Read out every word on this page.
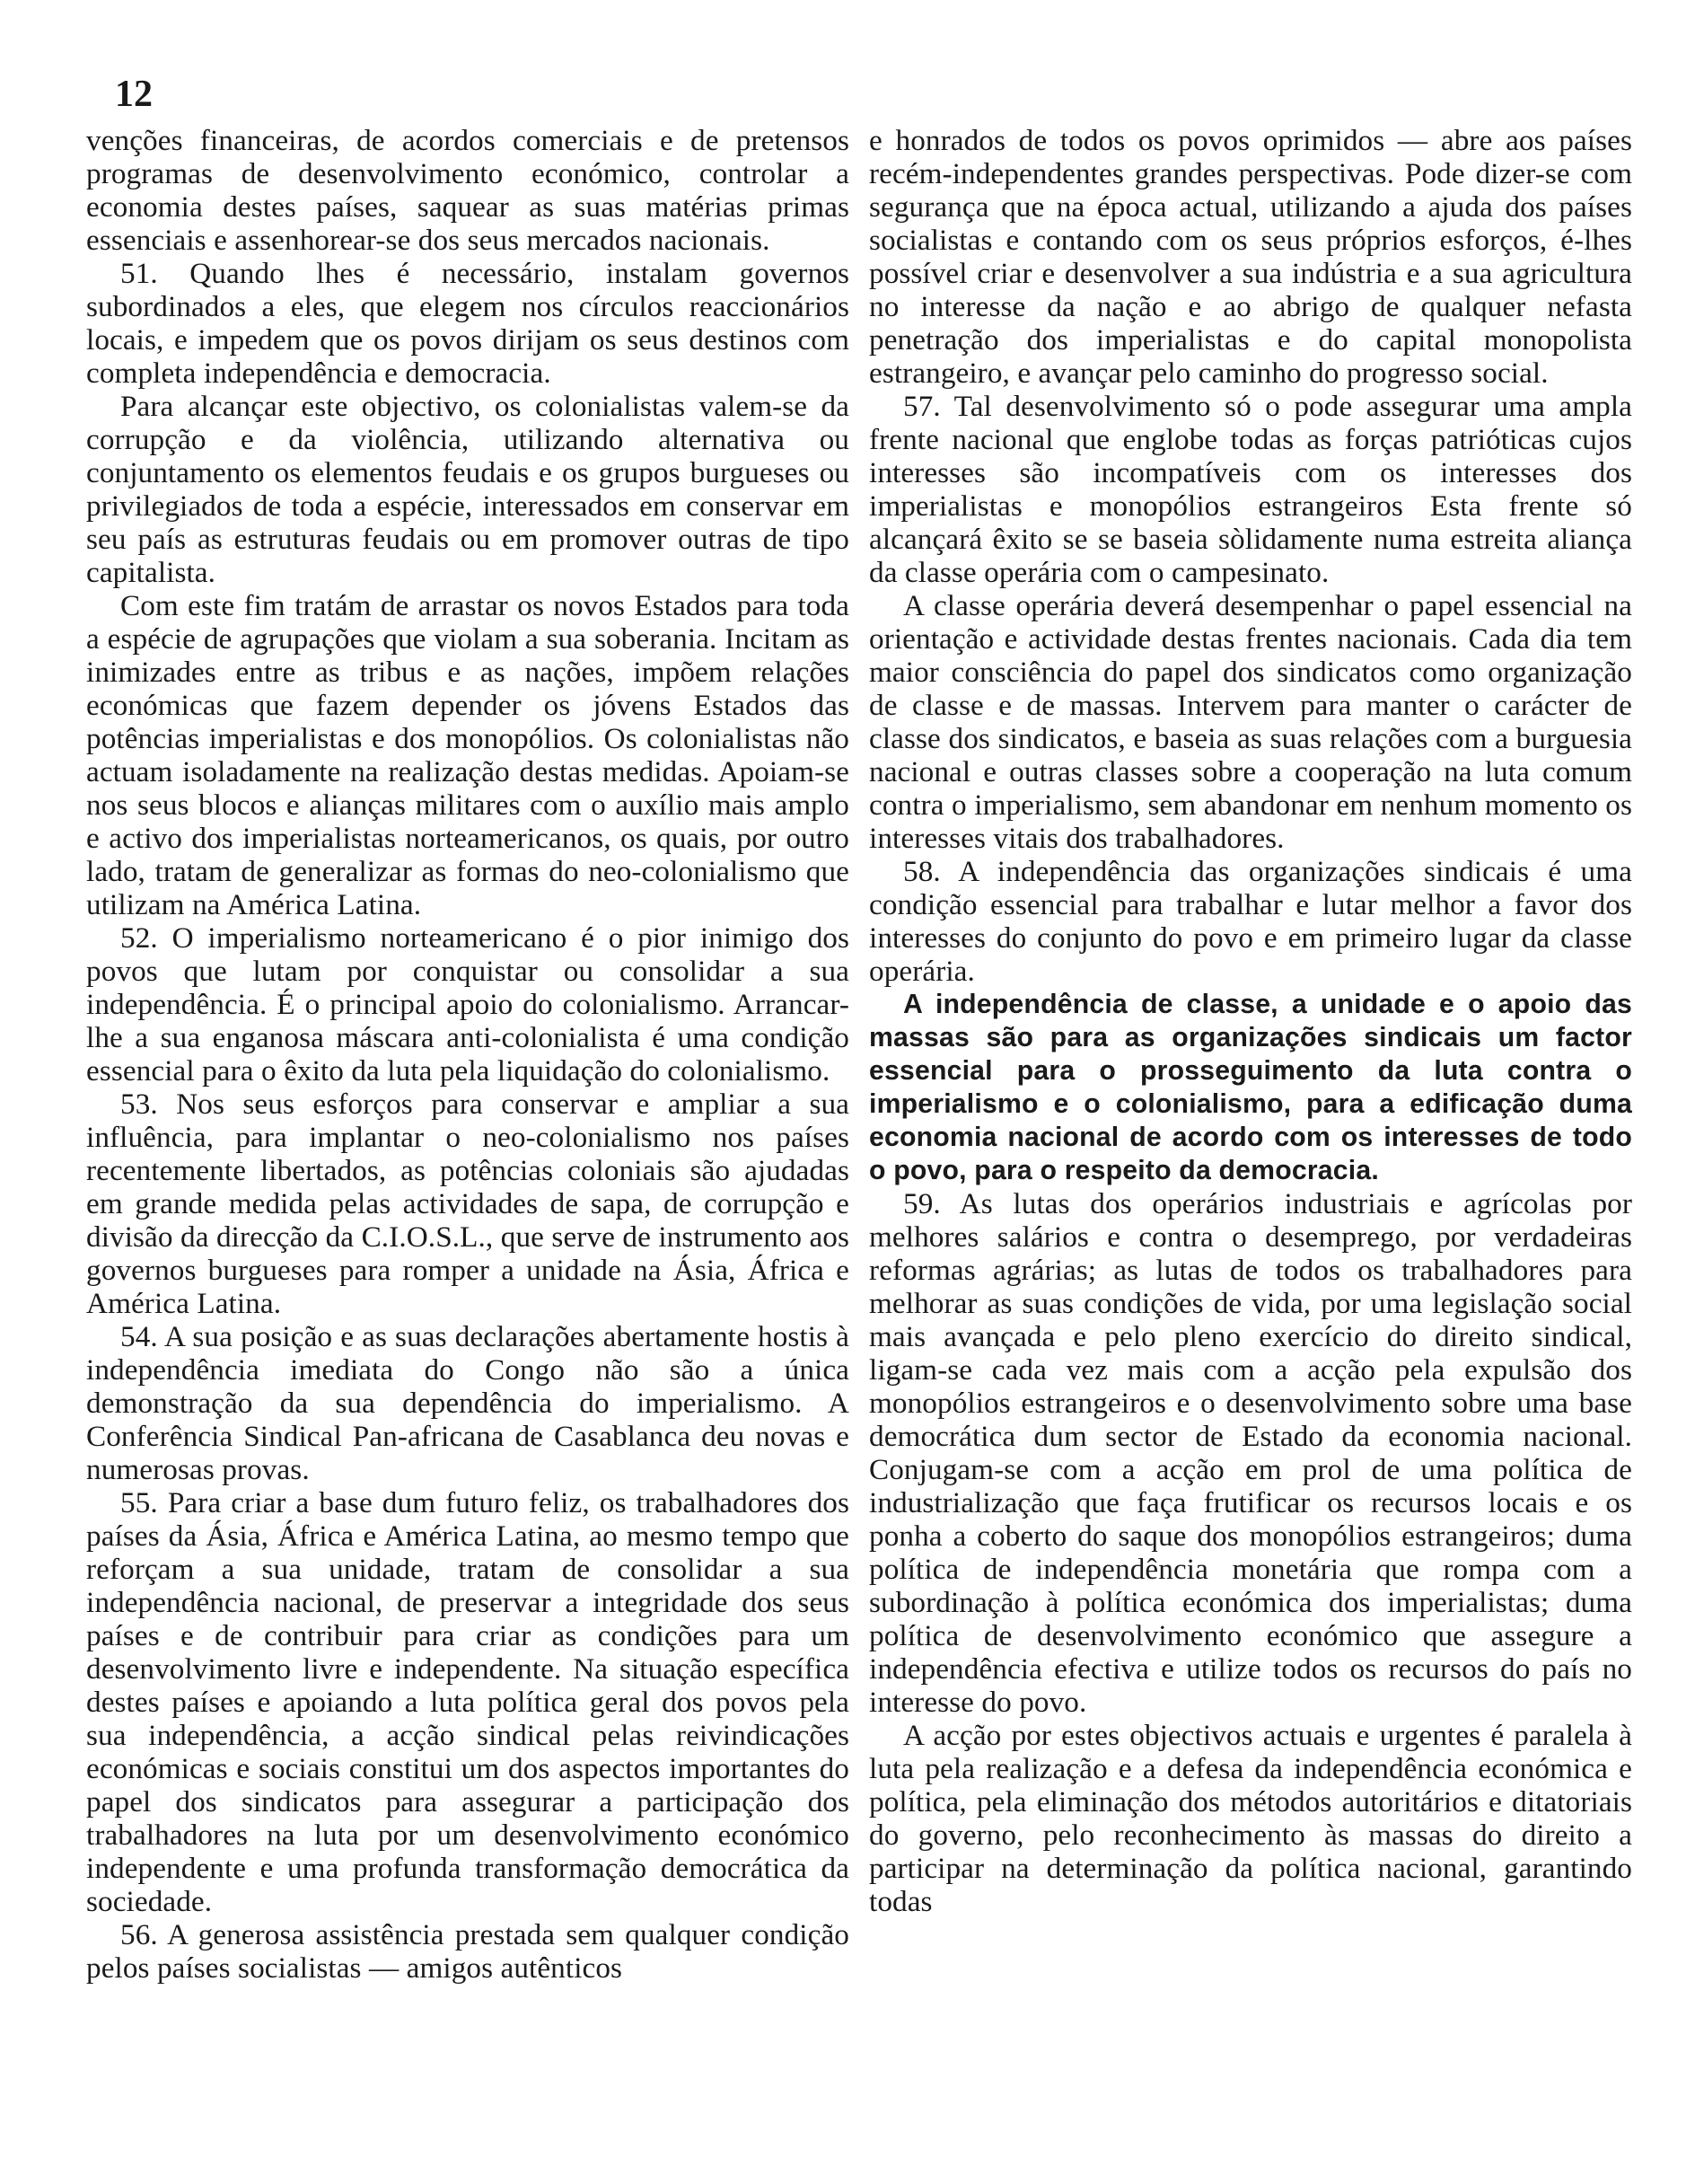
12

venções financeiras, de acordos comerciais e de pretensos programas de desenvolvimento económico, controlar a economia destes países, saquear as suas matérias primas essenciais e assenhorear-se dos seus mercados nacionais.

51. Quando lhes é necessário, instalam governos subordinados a eles, que elegem nos círculos reaccionários locais, e impedem que os povos dirijam os seus destinos com completa independência e democracia.

Para alcançar este objectivo, os colonialistas valem-se da corrupção e da violência, utilizando alternativa ou conjuntamento os elementos feudais e os grupos burgueses ou privilegiados de toda a espécie, interessados em conservar em seu país as estruturas feudais ou em promover outras de tipo capitalista.

Com este fim tratám de arrastar os novos Estados para toda a espécie de agrupações que violam a sua soberania. Incitam as inimizades entre as tribus e as nações, impõem relações económicas que fazem depender os jóvens Estados das potências imperialistas e dos monopólios. Os colonialistas não actuam isoladamente na realização destas medidas. Apoiam-se nos seus blocos e alianças militares com o auxílio mais amplo e activo dos imperialistas norteamericanos, os quais, por outro lado, tratam de generalizar as formas do neo-colonialismo que utilizam na América Latina.

52. O imperialismo norteamericano é o pior inimigo dos povos que lutam por conquistar ou consolidar a sua independência. É o principal apoio do colonialismo. Arrancar-lhe a sua enganosa máscara anti-colonialista é uma condição essencial para o êxito da luta pela liquidação do colonialismo.

53. Nos seus esforços para conservar e ampliar a sua influência, para implantar o neo-colonialismo nos países recentemente libertados, as potências coloniais são ajudadas em grande medida pelas actividades de sapa, de corrupção e divisão da direcção da C.I.O.S.L., que serve de instrumento aos governos burgueses para romper a unidade na Ásia, África e América Latina.

54. A sua posição e as suas declarações abertamente hostis à independência imediata do Congo não são a única demonstração da sua dependência do imperialismo. A Conferência Sindical Pan-africana de Casablanca deu novas e numerosas provas.

55. Para criar a base dum futuro feliz, os trabalhadores dos países da Ásia, África e América Latina, ao mesmo tempo que reforçam a sua unidade, tratam de consolidar a sua independência nacional, de preservar a integridade dos seus países e de contribuir para criar as condições para um desenvolvimento livre e independente. Na situação específica destes países e apoiando a luta política geral dos povos pela sua independência, a acção sindical pelas reivindicações económicas e sociais constitui um dos aspectos importantes do papel dos sindicatos para assegurar a participação dos trabalhadores na luta por um desenvolvimento económico independente e uma profunda transformação democrática da sociedade.

56. A generosa assistência prestada sem qualquer condição pelos países socialistas — amigos autênticos

e honrados de todos os povos oprimidos — abre aos países recém-independentes grandes perspectivas. Pode dizer-se com segurança que na época actual, utilizando a ajuda dos países socialistas e contando com os seus próprios esforços, é-lhes possível criar e desenvolver a sua indústria e a sua agricultura no interesse da nação e ao abrigo de qualquer nefasta penetração dos imperialistas e do capital monopolista estrangeiro, e avançar pelo caminho do progresso social.

57. Tal desenvolvimento só o pode assegurar uma ampla frente nacional que englobe todas as forças patrióticas cujos interesses são incompatíveis com os interesses dos imperialistas e monopólios estrangeiros Esta frente só alcançará êxito se se baseia sòlidamente numa estreita aliança da classe operária com o campesinato.

A classe operária deverá desempenhar o papel essencial na orientação e actividade destas frentes nacionais. Cada dia tem maior consciência do papel dos sindicatos como organização de classe e de massas. Intervem para manter o carácter de classe dos sindicatos, e baseia as suas relações com a burguesia nacional e outras classes sobre a cooperação na luta comum contra o imperialismo, sem abandonar em nenhum momento os interesses vitais dos trabalhadores.

58. A independência das organizações sindicais é uma condição essencial para trabalhar e lutar melhor a favor dos interesses do conjunto do povo e em primeiro lugar da classe operária.

A independência de classe, a unidade e o apoio das massas são para as organizações sindicais um factor essencial para o prosseguimento da luta contra o imperialismo e o colonialismo, para a edificação duma economia nacional de acordo com os interesses de todo o povo, para o respeito da democracia.

59. As lutas dos operários industriais e agrícolas por melhores salários e contra o desemprego, por verdadeiras reformas agrárias; as lutas de todos os trabalhadores para melhorar as suas condições de vida, por uma legislação social mais avançada e pelo pleno exercício do direito sindical, ligam-se cada vez mais com a acção pela expulsão dos monopólios estrangeiros e o desenvolvimento sobre uma base democrática dum sector de Estado da economia nacional. Conjugam-se com a acção em prol de uma política de industrialização que faça frutificar os recursos locais e os ponha a coberto do saque dos monopólios estrangeiros; duma política de independência monetária que rompa com a subordinação à política económica dos imperialistas; duma política de desenvolvimento económico que assegure a independência efectiva e utilize todos os recursos do país no interesse do povo.

A acção por estes objectivos actuais e urgentes é paralela à luta pela realização e a defesa da independência económica e política, pela eliminação dos métodos autoritários e ditatoriais do governo, pelo reconhecimento às massas do direito a participar na determinação da política nacional, garantindo todas
